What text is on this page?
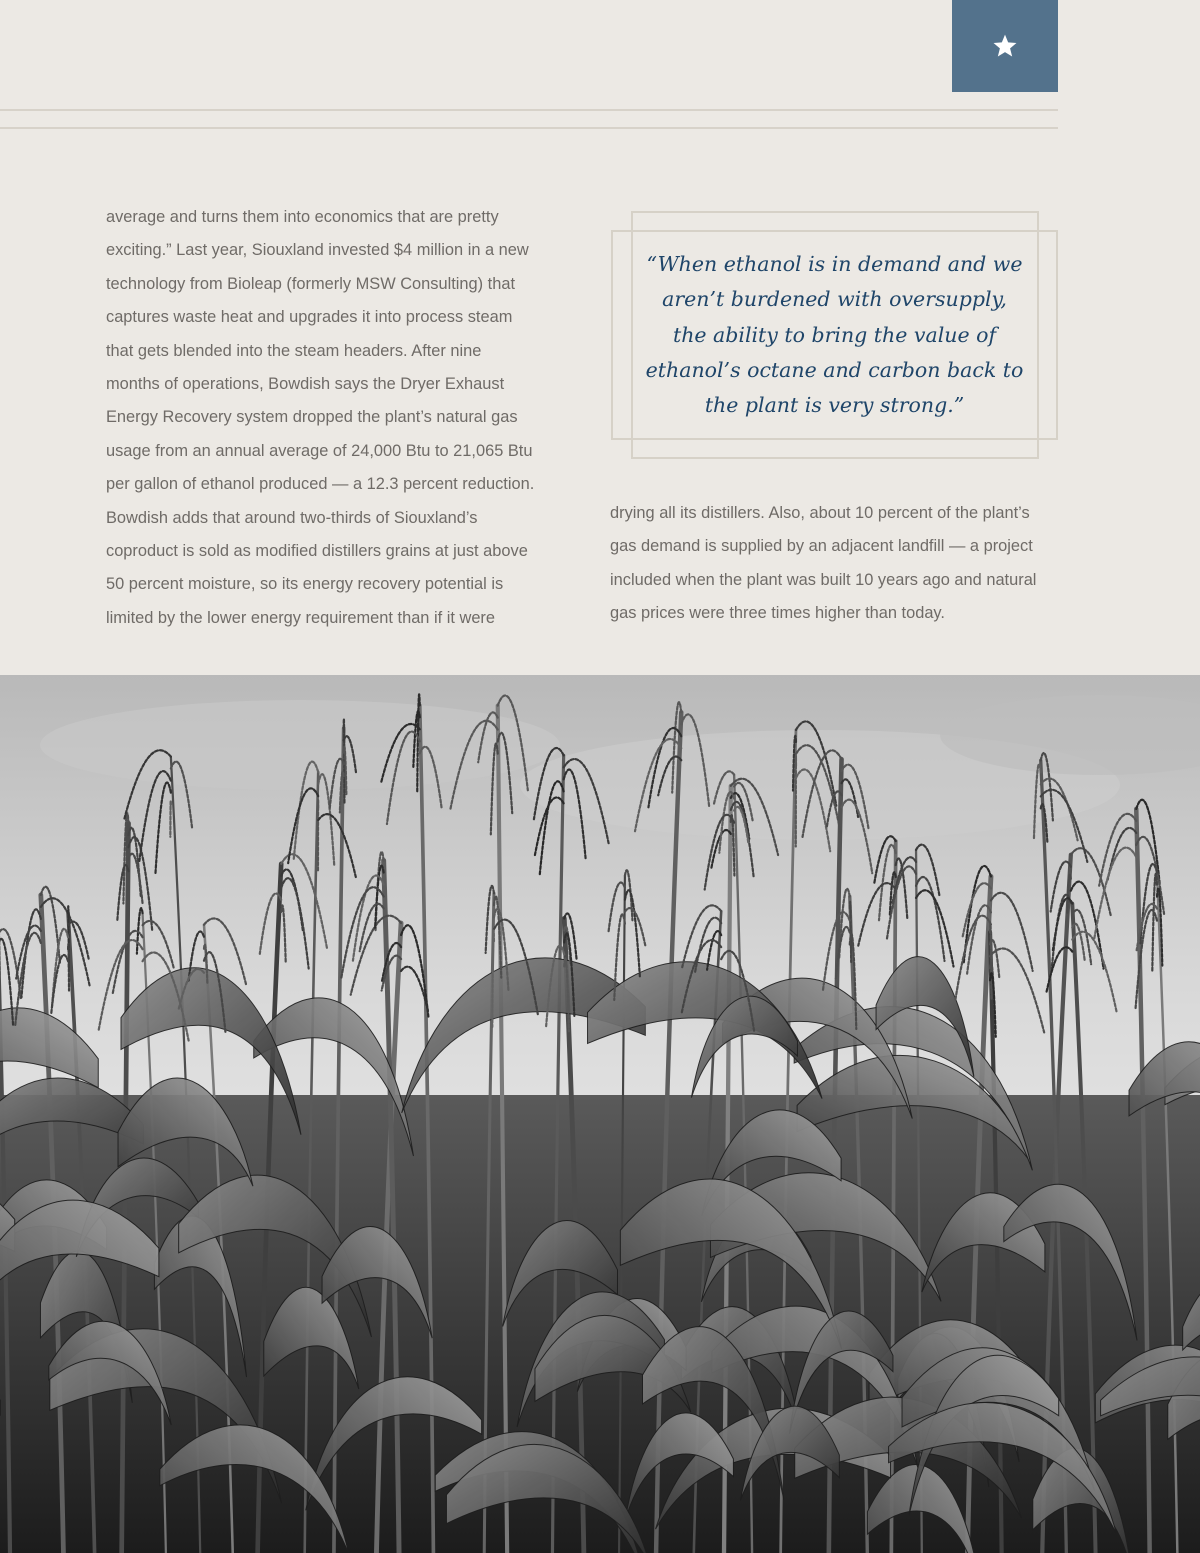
average and turns them into economics that are pretty
exciting.” Last year, Siouxland invested $4 million in a new
technology from Bioleap (formerly MSW Consulting) that
captures waste heat and upgrades it into process steam
that gets blended into the steam headers. After nine
months of operations, Bowdish says the Dryer Exhaust
Energy Recovery system dropped the plant’s natural gas
usage from an annual average of 24,000 Btu to 21,065 Btu
per gallon of ethanol produced — a 12.3 percent reduction.
Bowdish adds that around two-thirds of Siouxland’s
coproduct is sold as modified distillers grains at just above
50 percent moisture, so its energy recovery potential is
limited by the lower energy requirement than if it were
“When ethanol is in demand and we
aren’t burdened with oversupply,
the ability to bring the value of
ethanol’s octane and carbon back to
the plant is very strong.”
drying all its distillers. Also, about 10 percent of the plant’s
gas demand is supplied by an adjacent landfill — a project
included when the plant was built 10 years ago and natural
gas prices were three times higher than today.
